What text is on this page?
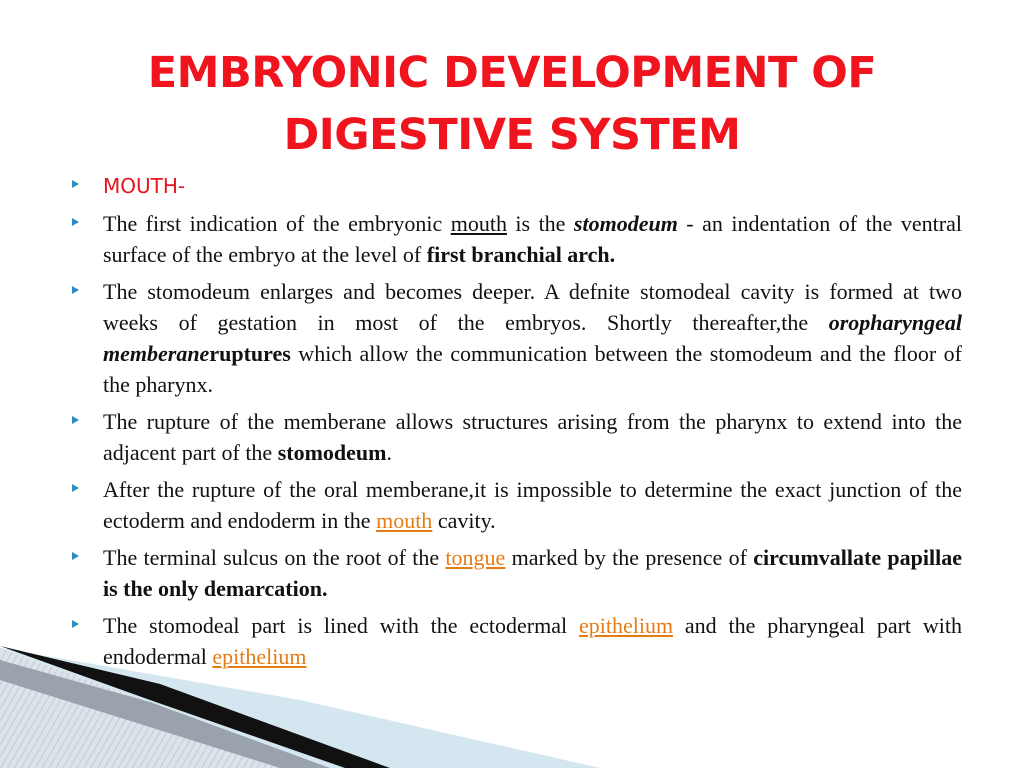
EMBRYONIC DEVELOPMENT OF
DIGESTIVE SYSTEM
MOUTH-
The first indication of the embryonic mouth is the stomodeum - an indentation of the ventral surface of the embryo at the level of first branchial arch.
The stomodeum enlarges and becomes deeper. A defnite stomodeal cavity is formed at two weeks of gestation in most of the embryos. Shortly thereafter,the oropharyngeal memberaneruptures which allow the communication between the stomodeum and the floor of the pharynx.
The rupture of the memberane allows structures arising from the pharynx to extend into the adjacent part of the stomodeum.
After the rupture of the oral memberane,it is impossible to determine the exact junction of the ectoderm and endoderm in the mouth cavity.
The terminal sulcus on the root of the tongue marked by the presence of circumvallate papillae is the only demarcation.
The stomodeal part is lined with the ectodermal epithelium and the pharyngeal part with endodermal epithelium
